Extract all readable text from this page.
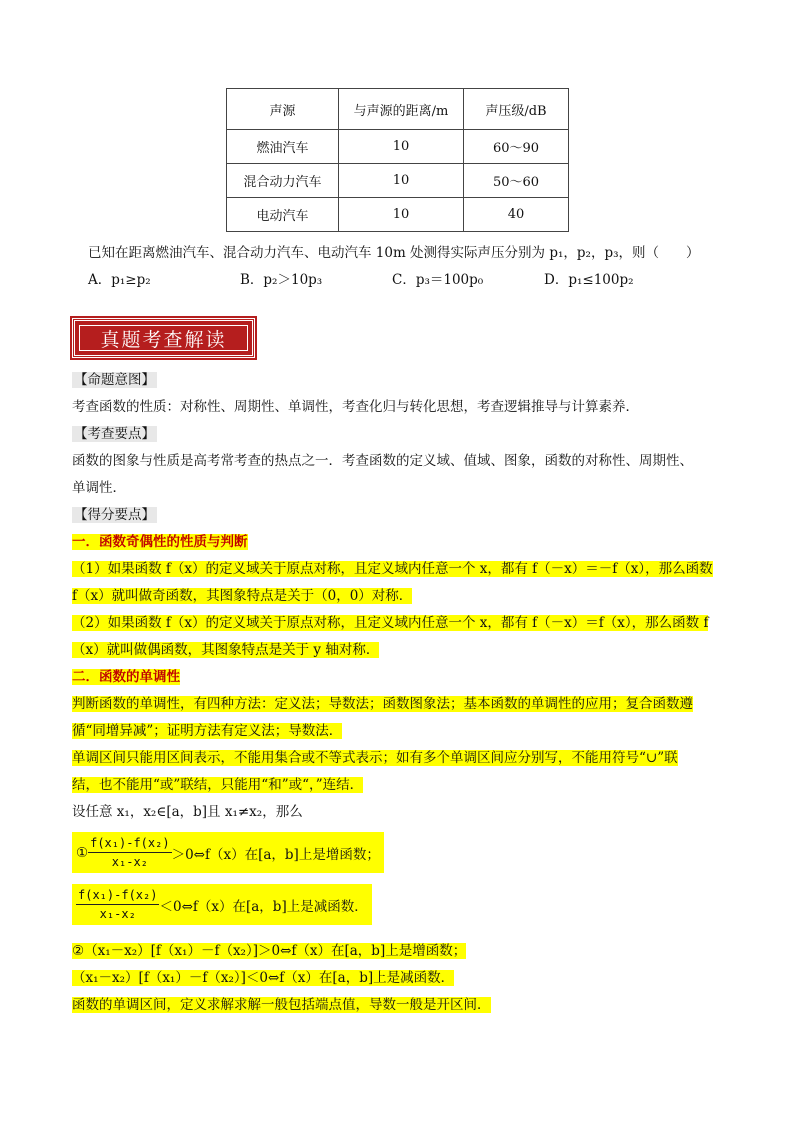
声源	与声源的距离/m	声压级/dB
燃油汽车	10	60～90
混合动力汽车	10	50～60
电动汽车	10	40
已知在距离燃油汽车、混合动力汽车、电动汽车 10m 处测得实际声压分别为 p₁，p₂，p₃，则（　　）
A．p₁≥p₂	B．p₂＞10p₃	C．p₃＝100p₀	D．p₁≤100p₂
真题考查解读
【命题意图】
考查函数的性质：对称性、周期性、单调性，考查化归与转化思想，考查逻辑推导与计算素养．
【考查要点】
函数的图象与性质是高考常考查的热点之一．考查函数的定义域、值域、图象，函数的对称性、周期性、
单调性．
【得分要点】
一．函数奇偶性的性质与判断
（1）如果函数 f（x）的定义域关于原点对称，且定义域内任意一个 x，都有 f（－x）＝－f（x），那么函数
f（x）就叫做奇函数，其图象特点是关于（0，0）对称．
（2）如果函数 f（x）的定义域关于原点对称，且定义域内任意一个 x，都有 f（－x）＝f（x），那么函数 f
（x）就叫做偶函数，其图象特点是关于 y 轴对称．
二．函数的单调性
判断函数的单调性，有四种方法：定义法；导数法；函数图象法；基本函数的单调性的应用；复合函数遵
循“同增异减”；证明方法有定义法；导数法．
单调区间只能用区间表示，不能用集合或不等式表示；如有多个单调区间应分别写，不能用符号“∪”联
结，也不能用“或”联结，只能用“和”或“，”连结．
设任意 x₁，x₂∈[a，b]且 x₁≠x₂，那么
① $\frac{\text{f(x₁)-f(x₂)}}{\text{x₁-x₂}}$ ＞0⇔f（x）在[a，b]上是增函数；
$\frac{\text{f(x₁)-f(x₂)}}{\text{x₁-x₂}}$ ＜0⇔f（x）在[a，b]上是减函数．
②（x₁－x₂）[f（x₁）－f（x₂）]＞0⇔f（x）在[a，b]上是增函数；
（x₁－x₂）[f（x₁）－f（x₂）]＜0⇔f（x）在[a，b]上是减函数．
函数的单调区间，定义求解求解一般包括端点值，导数一般是开区间．
